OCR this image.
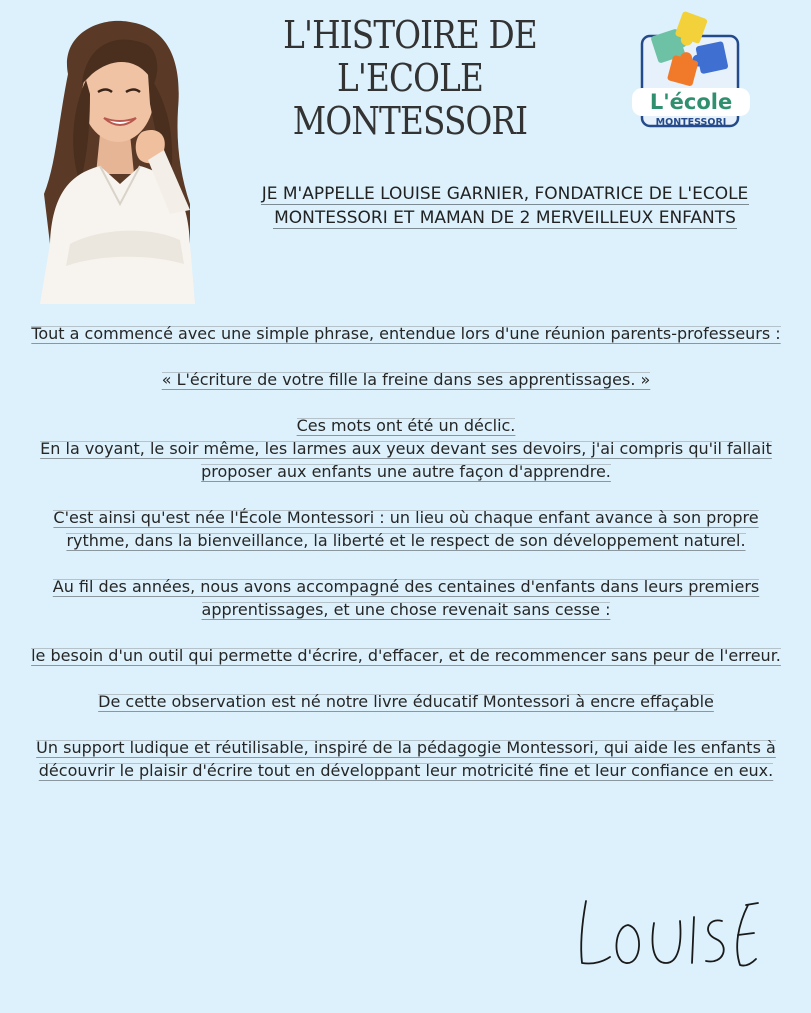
L'HISTOIRE DE L'ECOLE
MONTESSORI	L'école
MONTESSORI
JE M'APPELLE LOUISE GARNIER, FONDATRICE DE L'ECOLE
MONTESSORI ET MAMAN DE 2 MERVEILLEUX ENFANTS

Tout a commencé avec une simple phrase, entendue lors d'une réunion parents-professeurs :

« L'écriture de votre fille la freine dans ses apprentissages. »

Ces mots ont été un déclic.
En la voyant, le soir même, les larmes aux yeux devant ses devoirs, j'ai compris qu'il fallait proposer aux enfants une autre façon d'apprendre.

C'est ainsi qu'est née l'École Montessori : un lieu où chaque enfant avance à son propre rythme, dans la bienveillance, la liberté et le respect de son développement naturel.

Au fil des années, nous avons accompagné des centaines d'enfants dans leurs premiers apprentissages, et une chose revenait sans cesse :

le besoin d'un outil qui permette d'écrire, d'effacer, et de recommencer sans peur de l'erreur.

De cette observation est né notre livre éducatif Montessori à encre effaçable

Un support ludique et réutilisable, inspiré de la pédagogie Montessori, qui aide les enfants à découvrir le plaisir d'écrire tout en développant leur motricité fine et leur confiance en eux.
